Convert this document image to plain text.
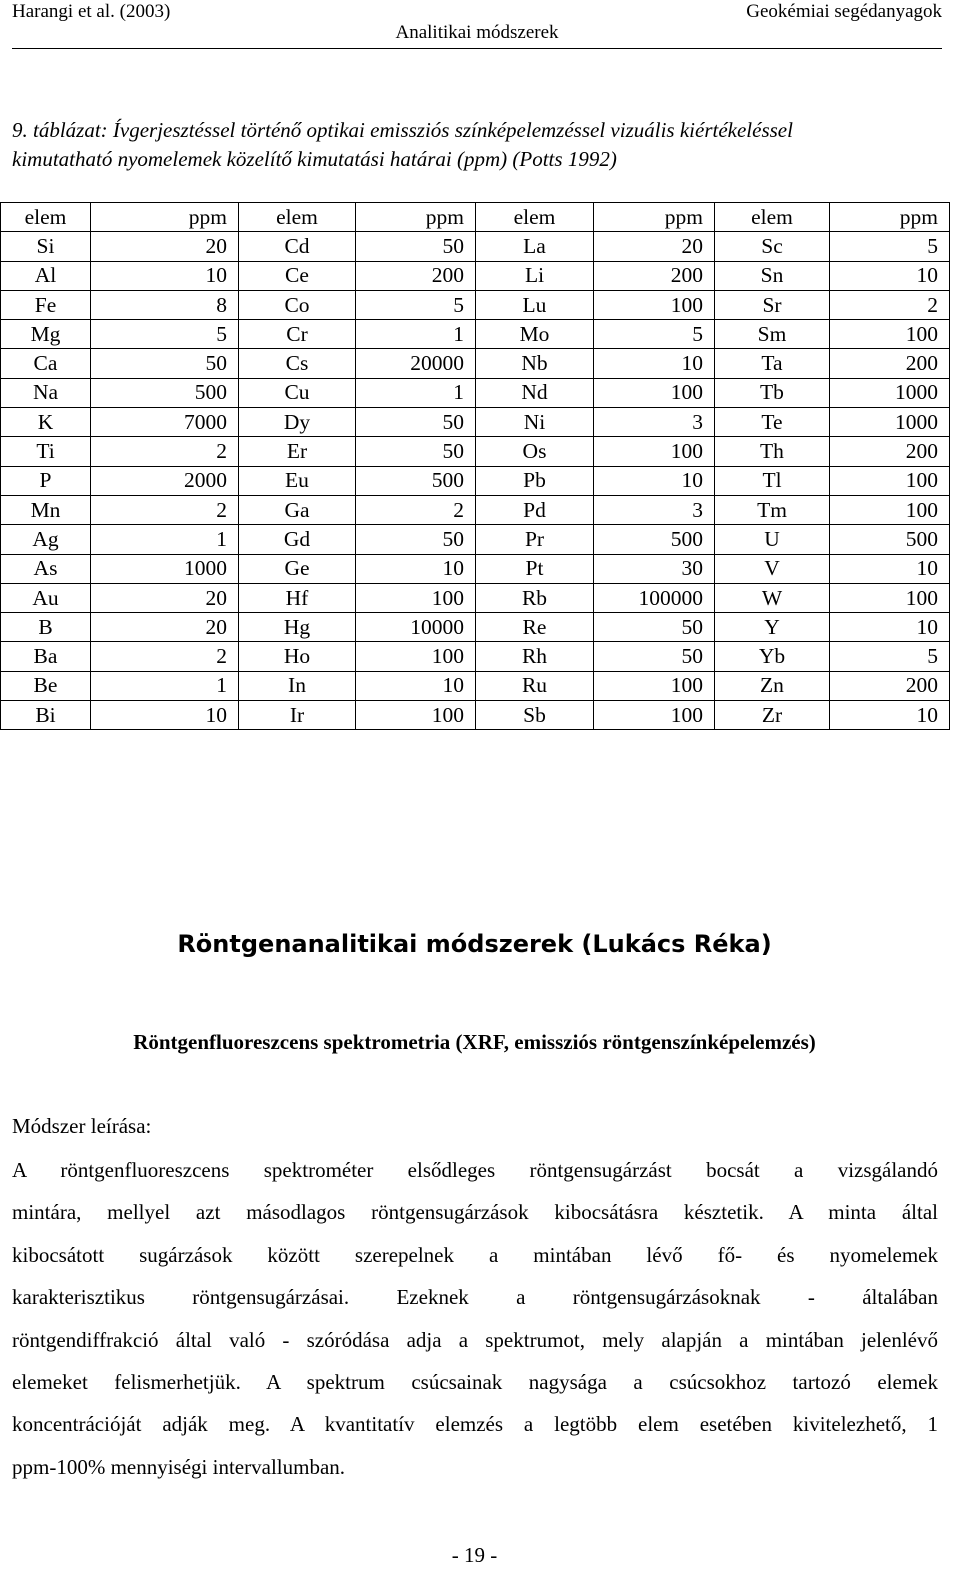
Harangi et al. (2003)
Analitikai módszerek
Geokémiai segédanyagok
9. táblázat: Ívgerjesztéssel történő optikai emissziós színképelemzéssel vizuális kiértékeléssel
kimutatható nyomelemek közelítő kimutatási határai (ppm) (Potts 1992)
elem	ppm	elem	ppm	elem	ppm	elem	ppm
Si	20	Cd	50	La	20	Sc	5
Al	10	Ce	200	Li	200	Sn	10
Fe	8	Co	5	Lu	100	Sr	2
Mg	5	Cr	1	Mo	5	Sm	100
Ca	50	Cs	20000	Nb	10	Ta	200
Na	500	Cu	1	Nd	100	Tb	1000
K	7000	Dy	50	Ni	3	Te	1000
Ti	2	Er	50	Os	100	Th	200
P	2000	Eu	500	Pb	10	Tl	100
Mn	2	Ga	2	Pd	3	Tm	100
Ag	1	Gd	50	Pr	500	U	500
As	1000	Ge	10	Pt	30	V	10
Au	20	Hf	100	Rb	100000	W	100
B	20	Hg	10000	Re	50	Y	10
Ba	2	Ho	100	Rh	50	Yb	5
Be	1	In	10	Ru	100	Zn	200
Bi	10	Ir	100	Sb	100	Zr	10
Röntgenanalitikai módszerek (Lukács Réka)
Röntgenfluoreszcens spektrometria (XRF, emissziós röntgenszínképelemzés)
Módszer leírása:
A röntgenfluoreszcens spektrométer elsődleges röntgensugárzást bocsát a vizsgálandó
mintára, mellyel azt másodlagos röntgensugárzások kibocsátásra késztetik. A minta által
kibocsátott sugárzások között szerepelnek a mintában lévő fő- és nyomelemek
karakterisztikus röntgensugárzásai. Ezeknek a röntgensugárzásoknak - általában
röntgendiffrakció által való - szóródása adja a spektrumot, mely alapján a mintában jelenlévő
elemeket felismerhetjük. A spektrum csúcsainak nagysága a csúcsokhoz tartozó elemek
koncentrációját adják meg. A kvantitatív elemzés a legtöbb elem esetében kivitelezhető, 1
ppm-100% mennyiségi intervallumban.
- 19 -
